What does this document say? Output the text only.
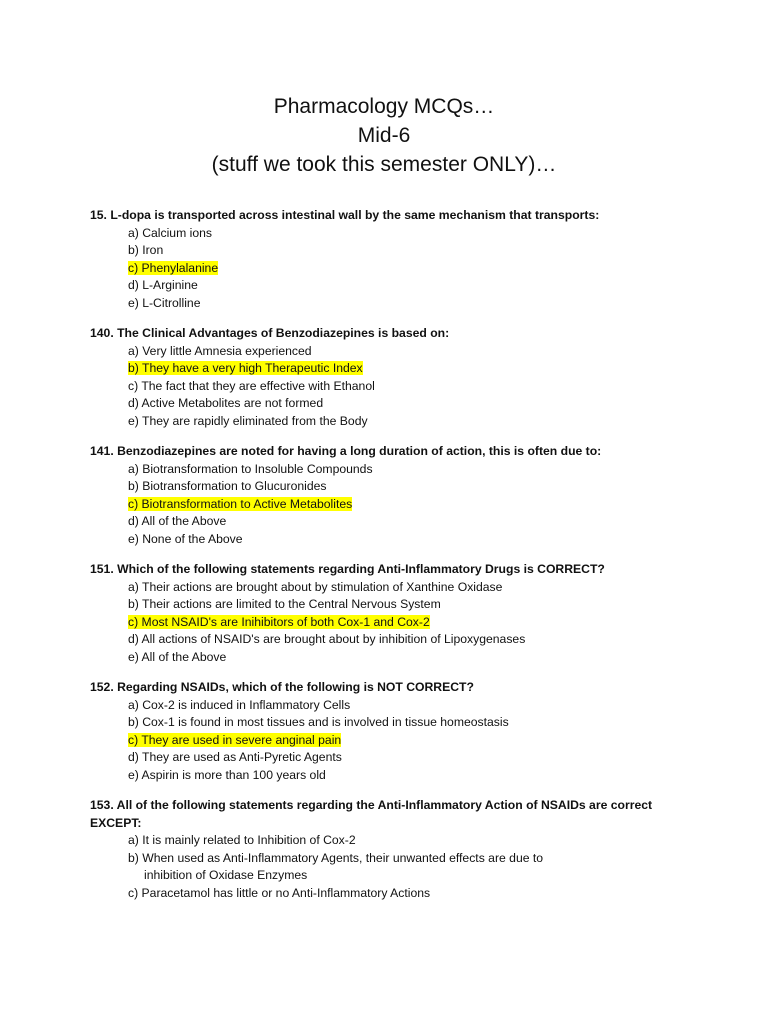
Pharmacology MCQs…
Mid-6
(stuff we took this semester ONLY)…
15. L-dopa is transported across intestinal wall by the same mechanism that transports:
a) Calcium ions
b) Iron
c) Phenylalanine
d) L-Arginine
e) L-Citrolline
140. The Clinical Advantages of Benzodiazepines is based on:
a) Very little Amnesia experienced
b) They have a very high Therapeutic Index
c) The fact that they are effective with Ethanol
d) Active Metabolites are not formed
e) They are rapidly eliminated from the Body
141. Benzodiazepines are noted for having a long duration of action, this is often due to:
a) Biotransformation to Insoluble Compounds
b) Biotransformation to Glucuronides
c) Biotransformation to Active Metabolites
d) All of the Above
e) None of the Above
151. Which of the following statements regarding Anti-Inflammatory Drugs is CORRECT?
a) Their actions are brought about by stimulation of Xanthine Oxidase
b) Their actions are limited to the Central Nervous System
c) Most NSAID's are Inihibitors of both Cox-1 and Cox-2
d) All actions of NSAID's are brought about by inhibition of Lipoxygenases
e) All of the Above
152. Regarding NSAIDs, which of the following is NOT CORRECT?
a) Cox-2 is induced in Inflammatory Cells
b) Cox-1 is found in most tissues and is involved in tissue homeostasis
c) They are used in severe anginal pain
d) They are used as Anti-Pyretic Agents
e) Aspirin is more than 100 years old
153. All of the following statements regarding the Anti-Inflammatory Action of NSAIDs are correct
EXCEPT:
a) It is mainly related to Inhibition of Cox-2
b) When used as Anti-Inflammatory Agents, their unwanted effects are due to
inhibition of Oxidase Enzymes
c) Paracetamol has little or no Anti-Inflammatory Actions
